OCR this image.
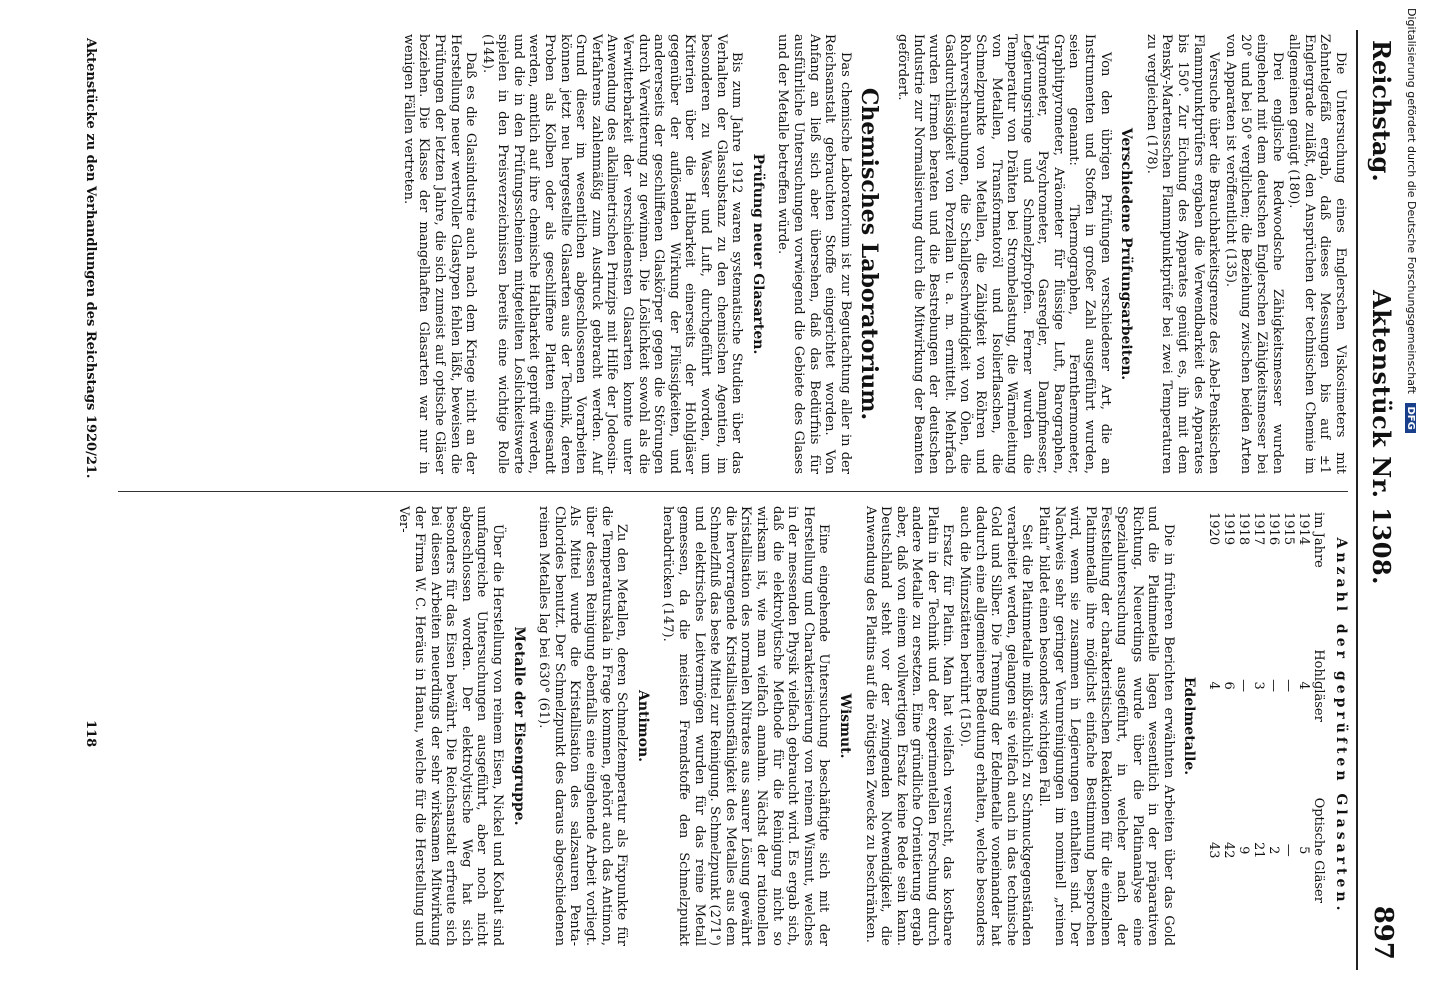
Reichstag.
Aktenstück Nr. 1308.
897

Die Untersuchung eines Englerschen Viskosimeters mit Zehntelgefäß ergab, daß dieses Messungen bis auf ±1 Englergrade zuläßt, den Ansprüchen der technischen Chemie im allgemeinen genügt (180).

Drei englische Redwoodsche Zähigkeitsmesser wurden eingehend mit dem deutschen Englerschen Zähigkeitsmesser bei 20° und bei 50° verglichen; die Beziehung zwischen beiden Arten von Apparaten ist veröffentlicht (135).

Versuche über die Brauchbarkeitsgrenze des Abel-Penskischen Flammpunktprüfers ergaben die Verwendbarkeit des Apparates bis 150°. Zur Eichung des Apparates genügt es, ihn mit dem Pensky-Martensschen Flammpunktprüfer bei zwei Temperaturen zu vergleichen (178).

Verschiedene Prüfungsarbeiten.

Von den übrigen Prüfungen verschiedener Art, die an Instrumenten und Stoffen in großer Zahl ausgeführt wurden, seien genannt: Thermographen, Fernthermometer, Graphitpyrometer, Aräometer für flüssige Luft, Barographen, Hygrometer, Psychrometer, Gasregler, Dampfmesser, Legierungsringe und Schmelzpfropfen. Ferner wurden die Temperatur von Drähten bei Strombelastung, die Wärmeleitung von Metallen, Transformatoröl und Isolierflaschen, die Schmelzpunkte von Metallen, die Zähigkeit von Röhren und Rohrverschraubungen, die Schallgeschwindigkeit von Ölen, die Gasdurchlässigkeit von Porzellan u. a. m. ermittelt. Mehrfach wurden Firmen beraten und die Bestrebungen der deutschen Industrie zur Normalisierung durch die Mitwirkung der Beamten gefördert.

Chemisches Laboratorium.

Das chemische Laboratorium ist zur Begutachtung aller in der Reichsanstalt gebrauchten Stoffe eingerichtet worden. Von Anfang an ließ sich aber übersehen, daß das Bedürfnis für ausführliche Untersuchungen vorwiegend die Gebiete des Glases und der Metalle betreffen würde.

Prüfung neuer Glasarten.

Bis zum Jahre 1912 waren systematische Studien über das Verhalten der Glassubstanz zu den chemischen Agentien, im besonderen zu Wasser und Luft, durchgeführt worden, um Kriterien über die Haltbarkeit einerseits der Hohlgläser gegenüber der auflösenden Wirkung der Flüssigkeiten, und andererseits der geschliffenen Glaskörper gegen die Störungen durch Verwitterung zu gewinnen. Die Löslichkeit sowohl als die Verwitterbarkeit der verschiedensten Glasarten konnte unter Anwendung des alkalimetrischen Prinzips mit Hilfe der Jodeosin-Verfahrens zahlenmäßig zum Ausdruck gebracht werden. Auf Grund dieser im wesentlichen abgeschlossenen Vorarbeiten können jetzt neu hergestellte Glasarten aus der Technik, deren Proben als Kolben oder als geschliffene Platten eingesandt werden, amtlich auf ihre chemische Haltbarkeit geprüft werden, und die in den Prüfungsscheinen mitgeteilten Loslichkeitswerte spielen in den Preisverzeichnissen bereits eine wichtige Rolle (144).

Daß es die Glasindustrie auch nach dem Kriege nicht an der Herstellung neuer wertvoller Glastypen fehlen läßt, beweisen die Prüfungen der letzten Jahre, die sich zumeist auf optische Gläser beziehen. Die Klasse der mangelhaften Glasarten war nur in wenigen Fällen vertreten.

Anzahl der geprüften Glasarten.
im Jahre	Hohlgläser	Optische Gläser
1914	4	5
1915	—	—
1916	—	2
1917	3	21
1918	—	9
1919	6	42
1920	4	43
Edelmetalle.

Die in früheren Berichten erwähnten Arbeiten über das Gold und die Platinmetalle lagen wesentlich in der präparativen Richtung. Neuerdings wurde über die Platinanalyse eine Spezialuntersuchung ausgeführt, in welcher nach der Feststellung der charakteristischen Reaktionen für die einzelnen Platinmetalle ihre möglichst einfache Bestimmung besprochen wird, wenn sie zusammen in Legierungen enthalten sind. Der Nachweis sehr geringer Verunreinigungen im nominell „reinen Platin“ bildet einen besonders wichtigen Fall.

Seit die Platinmetalle mißbräuchlich zu Schmuckgegenständen verarbeitet werden, gelangen sie vielfach auch in das technische Gold und Silber. Die Trennung der Edelmetalle voneinander hat dadurch eine allgemeinere Bedeutung erhalten, welche besonders auch die Münzstätten berührt (150).

Ersatz für Platin. Man hat vielfach versucht, das kostbare Platin in der Technik und der experimentellen Forschung durch andere Metalle zu ersetzen. Eine gründliche Orientierung ergab aber, daß von einem vollwertigen Ersatz keine Rede sein kann. Deutschland steht vor der zwingenden Notwendigkeit, die Anwendung des Platins auf die nötigsten Zwecke zu beschränken.

Wismut.

Eine eingehende Untersuchung beschäftigte sich mit der Herstellung und Charakterisierung von reinem Wismut, welches in der messenden Physik vielfach gebraucht wird. Es ergab sich, daß die elektrolytische Methode für die Reinigung nicht so wirksam ist, wie man vielfach annahm. Nächst der rationellen Kristallisation des normalen Nitrates aus saurer Lösung gewährt die hervorragende Kristallisationsfähigkeit des Metalles aus dem Schmelzfluß das beste Mittel zur Reinigung. Schmelzpunkt (271°) und elektrisches Leitvermögen wurden für das reine Metall gemessen, da die meisten Fremdstoffe den Schmelzpunkt herabdrücken (147).

Antimon.

Zu den Metallen, deren Schmelztemperatur als Fixpunkte für die Temperaturskala in Frage kommen, gehört auch das Antimon, über dessen Reinigung ebenfalls eine eingehende Arbeit vorliegt. Als Mittel wurde die Kristallisation des salzsauren Penta-Chlorides benutzt. Der Schmelzpunkt des daraus abgeschiedenen reinen Metalles lag bei 630° (61).

Metalle der Eisengruppe.

Über die Herstellung von reinem Eisen, Nickel und Kobalt sind umfangreiche Untersuchungen ausgeführt, aber noch nicht abgeschlossen worden. Der elektrolytische Weg hat sich besonders für das Eisen bewährt. Die Reichsanstalt erfreute sich bei diesen Arbeiten neuerdings der sehr wirksamen Mitwirkung der Firma W. C. Heräus in Hanau, welche für die Herstellung und Ver-

Aktenstücke zu den Verhandlungen des Reichstags 1920/21.
118
Digitalisierung gefördert durch die Deutsche Forschungsgemeinschaft DFG
